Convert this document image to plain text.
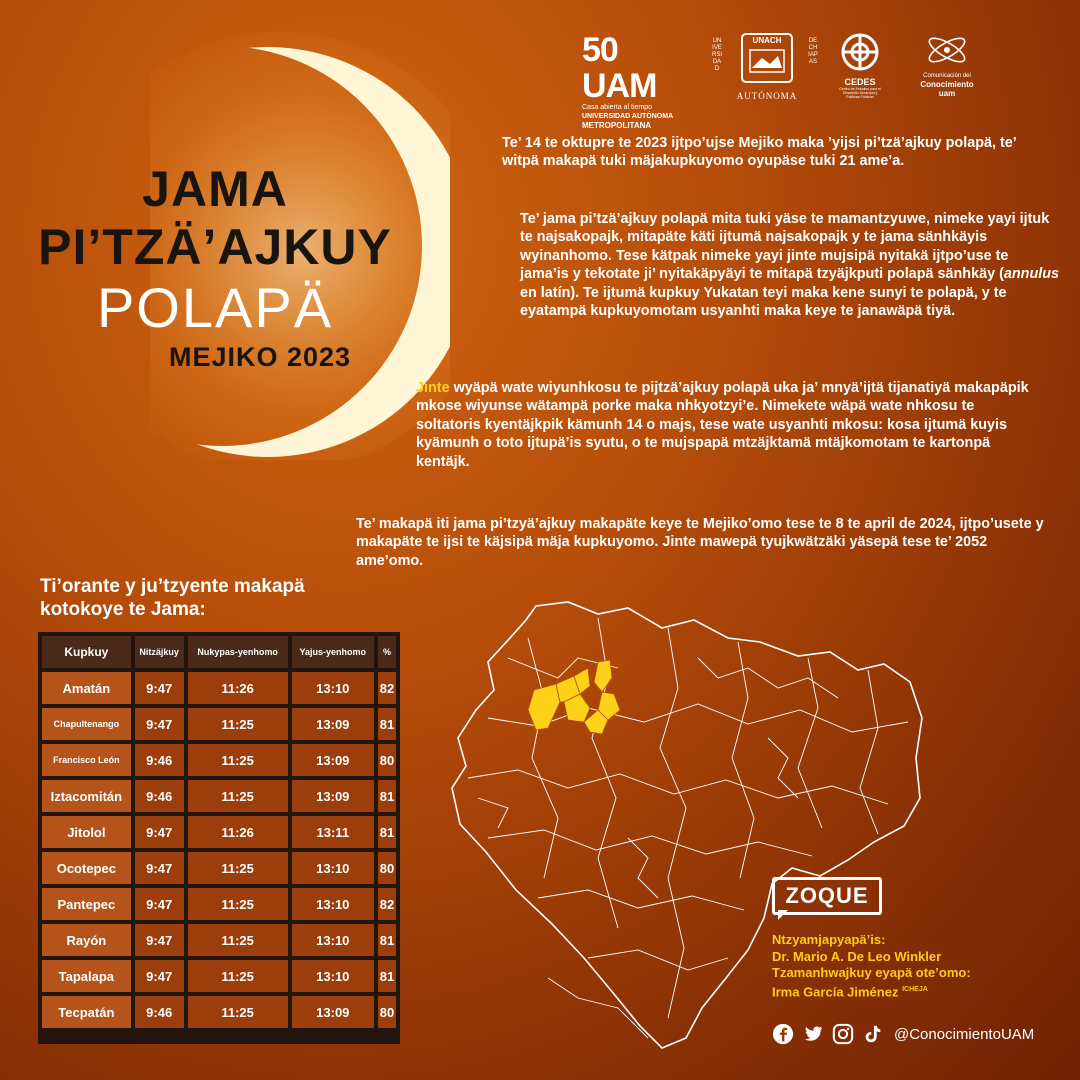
50 UAM
Casa abierta al tiempo
UNIVERSIDAD AUTÓNOMA
METROPOLITANA
UNACH
UNIVERSIDAD
DE CHIAPAS
AUTÓNOMA
CEDES
Centro de Estudios para el Desarrollo Municipal y Políticas Públicas
Comunicación del
Conocimiento
uam
JAMA
PI’TZÄ’AJKUY
POLAPÄ
MEJIKO 2023
Te’ 14 te oktupre te 2023 ijtpo’ujse Mejiko maka ’yijsi pi’tzä’ajkuy polapä, te’ witpä makapä tuki mäjakupkuyomo oyupäse tuki 21 ame’a.
Te’ jama pi’tzä’ajkuy polapä mita tuki yäse te mamantzyuwe, nimeke yayi ijtuk te najsakopajk, mitapäte käti ijtumä najsakopajk y te jama sänhkäyis wyinanhomo. Tese kätpak nimeke yayi jinte mujsipä nyitakä ijtpo’use te jama’is y tekotate ji’ nyitakäpyäyi te mitapä tzyäjkputi polapä sänhkäy (annulus en latín). Te ijtumä kupkuy Yukatan teyi maka kene sunyi te polapä, y te eyatampä kupkuyomotam usyanhti maka keye te janawäpä tiyä.
Jinte wyäpä wate wiyunhkosu te pijtzä’ajkuy polapä uka ja’ mnyä’ijtä tijanatiyä makapäpik mkose wiyunse wätampä porke maka nhkyotzyi’e. Nimekete wäpä wate nhkosu te soltatoris kyentäjkpik kämunh 14 o majs, tese wate usyanhti mkosu: kosa ijtumä kuyis kyämunh o toto ijtupä’is syutu, o te mujspapä mtzäjktamä mtäjkomotam te kartonpä kentäjk.
Te’ makapä iti jama pi’tzyä’ajkuy makapäte keye te Mejiko’omo tese te 8 te april de 2024, ijtpo’usete y makapäte te ijsi te käjsipä mäja kupkuyomo. Jinte mawepä tyujkwätzäki yäsepä tese te’ 2052 ame’omo.
Ti’orante y ju’tzyente makapä kotokoye te Jama:
Kupkuy	Nitzäjkuy	Nukypas-yenhomo	Yajus-yenhomo	%
Amatán	9:47	11:26	13:10	82
Chapultenango	9:47	11:25	13:09	81
Francisco León	9:46	11:25	13:09	80
Iztacomitán	9:46	11:25	13:09	81
Jitolol	9:47	11:26	13:11	81
Ocotepec	9:47	11:25	13:10	80
Pantepec	9:47	11:25	13:10	82
Rayón	9:47	11:25	13:10	81
Tapalapa	9:47	11:25	13:10	81
Tecpatán	9:46	11:25	13:09	80
ZOQUE
Ntzyamjapyapä’is:
Dr. Mario A. De Leo Winkler
Tzamanhwajkuy eyapä ote’omo:
Irma García Jiménez $^{ICHEJA}$
@ConocimientoUAM
